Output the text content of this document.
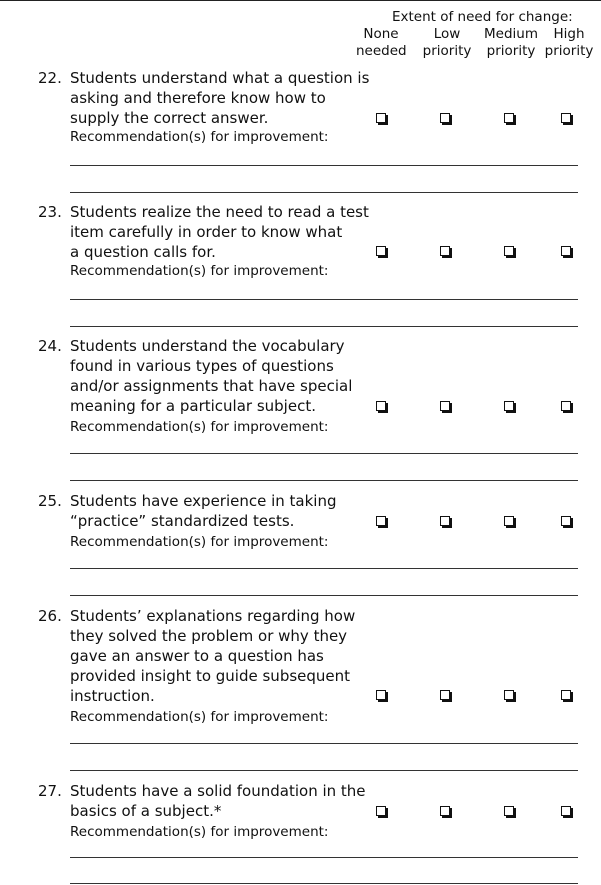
Extent of need for change:
None
needed
Low
priority
Medium
priority
High
priority
22. Students understand what a question is
asking and therefore know how to
supply the correct answer.

Recommendation(s) for improvement:
23. Students realize the need to read a test
item carefully in order to know what
a question calls for.

Recommendation(s) for improvement:
24. Students understand the vocabulary
found in various types of questions
and/or assignments that have special
meaning for a particular subject.

Recommendation(s) for improvement:
25. Students have experience in taking
“practice” standardized tests.

Recommendation(s) for improvement:
26. Students’ explanations regarding how
they solved the problem or why they
gave an answer to a question has
provided insight to guide subsequent
instruction.

Recommendation(s) for improvement:
27. Students have a solid foundation in the
basics of a subject.*

Recommendation(s) for improvement:
